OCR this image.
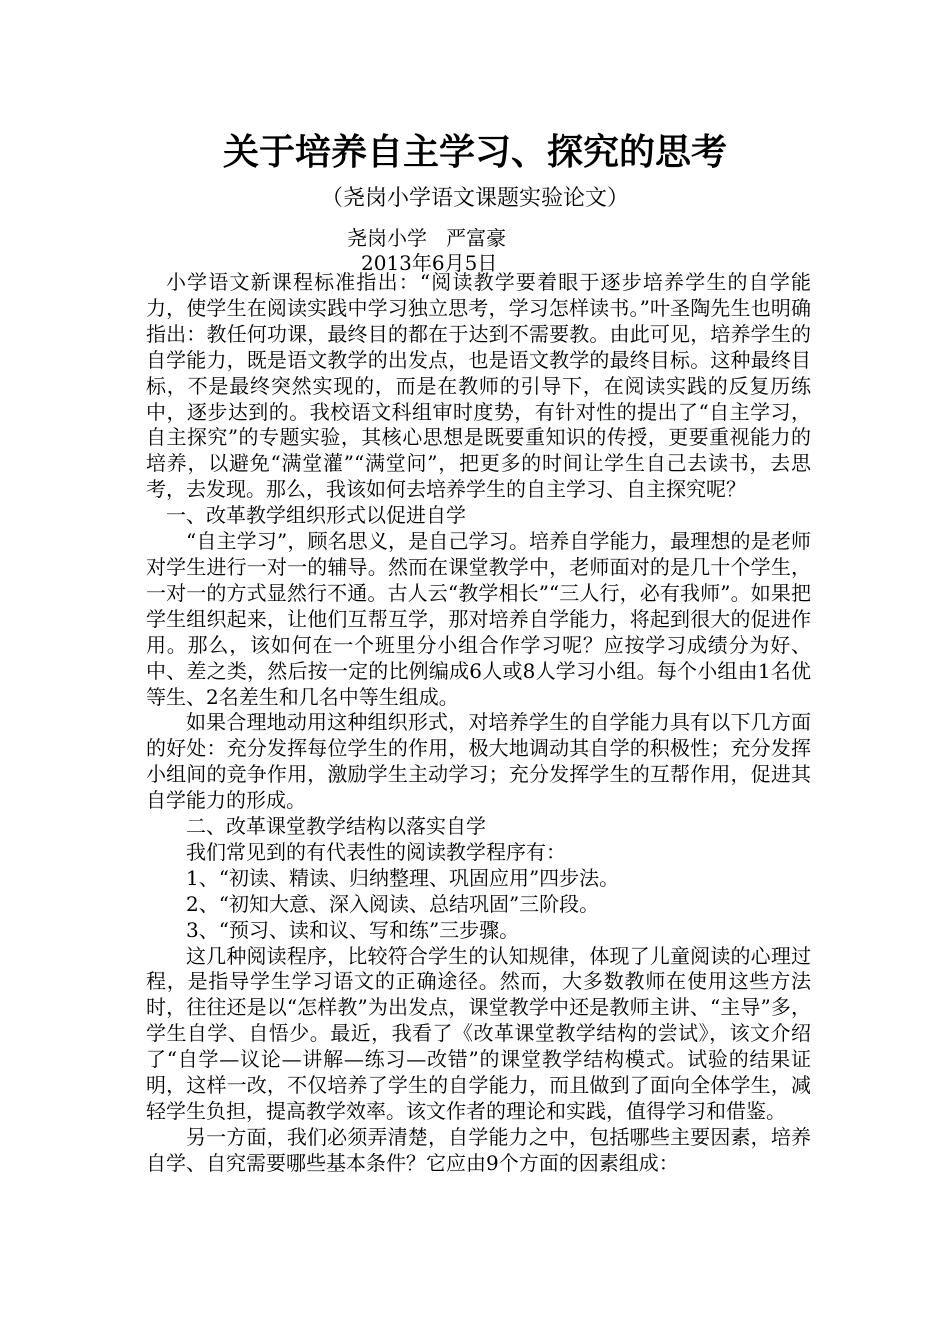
关于培养自主学习、探究的思考
（尧岗小学语文课题实验论文）
尧岗小学   严富豪
2013年6月5日

小学语文新课程标准指出：“阅读教学要着眼于逐步培养学生的自学能力，使学生在阅读实践中学习独立思考，学习怎样读书。”叶圣陶先生也明确指出：教任何功课，最终目的都在于达到不需要教。由此可见，培养学生的自学能力，既是语文教学的出发点，也是语文教学的最终目标。这种最终目标，不是最终突然实现的，而是在教师的引导下，在阅读实践的反复历练中，逐步达到的。我校语文科组审时度势，有针对性的提出了“自主学习，自主探究”的专题实验，其核心思想是既要重知识的传授，更要重视能力的培养，以避免“满堂灌”“满堂问”，把更多的时间让学生自己去读书，去思考，去发现。那么，我该如何去培养学生的自主学习、自主探究呢？

一、改革教学组织形式以促进自学

“自主学习”，顾名思义，是自己学习。培养自学能力，最理想的是老师对学生进行一对一的辅导。然而在课堂教学中，老师面对的是几十个学生，一对一的方式显然行不通。古人云“教学相长”“三人行，必有我师”。如果把学生组织起来，让他们互帮互学，那对培养自学能力，将起到很大的促进作用。那么，该如何在一个班里分小组合作学习呢？应按学习成绩分为好、中、差之类，然后按一定的比例编成6人或8人学习小组。每个小组由1名优等生、2名差生和几名中等生组成。

如果合理地动用这种组织形式，对培养学生的自学能力具有以下几方面的好处：充分发挥每位学生的作用，极大地调动其自学的积极性；充分发挥小组间的竞争作用，激励学生主动学习；充分发挥学生的互帮作用，促进其自学能力的形成。

二、改革课堂教学结构以落实自学

我们常见到的有代表性的阅读教学程序有：

1、“初读、精读、归纳整理、巩固应用”四步法。

2、“初知大意、深入阅读、总结巩固”三阶段。

3、“预习、读和议、写和练”三步骤。

这几种阅读程序，比较符合学生的认知规律，体现了儿童阅读的心理过程，是指导学生学习语文的正确途径。然而，大多数教师在使用这些方法时，往往还是以“怎样教”为出发点，课堂教学中还是教师主讲、“主导”多，学生自学、自悟少。最近，我看了《改革课堂教学结构的尝试》，该文介绍了“自学—议论—讲解—练习—改错”的课堂教学结构模式。试验的结果证明，这样一改，不仅培养了学生的自学能力，而且做到了面向全体学生，减轻学生负担，提高教学效率。该文作者的理论和实践，值得学习和借鉴。

另一方面，我们必须弄清楚，自学能力之中，包括哪些主要因素，培养自学、自究需要哪些基本条件？它应由9个方面的因素组成：
